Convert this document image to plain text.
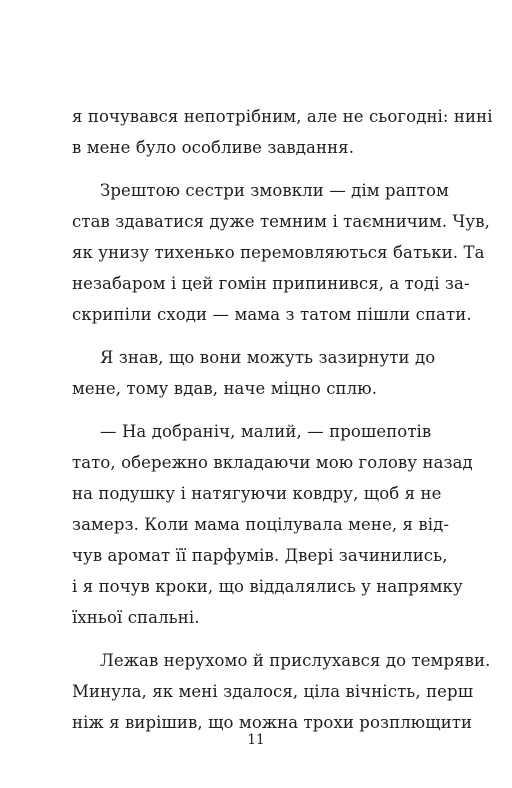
я почувався непотрібним, але не сьогодні: нині
в мене було особливе завдання.
Зрештою сестри змовкли — дім раптом
став здаватися дуже темним і таємничим. Чув,
як унизу тихенько перемовляються батьки. Та
незабаром і цей гомін припинився, а тоді за-
скрипіли сходи — мама з татом пішли спати.
Я знав, що вони можуть зазирнути до
мене, тому вдав, наче міцно сплю.
— На добраніч, малий, — прошепотів
тато, обережно вкладаючи мою голову назад
на подушку і натягуючи ковдру, щоб я не
замерз. Коли мама поцілувала мене, я від-
чув аромат її парфумів. Двері зачинились,
і я почув кроки, що віддалялись у напрямку
їхньої спальні.
Лежав нерухомо й прислухався до темряви.
Минула, як мені здалося, ціла вічність, перш
ніж я вирішив, що можна трохи розплющити
11
